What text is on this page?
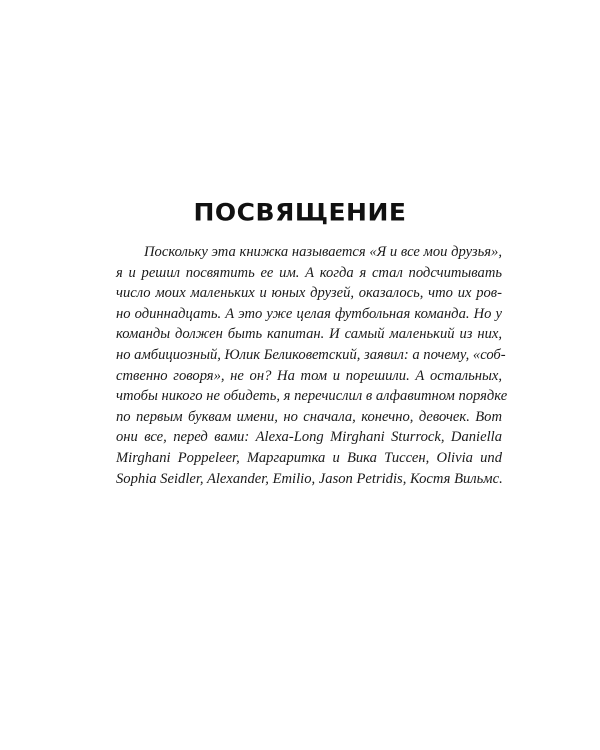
ПОСВЯЩЕНИЕ
Поскольку эта книжка называется «Я и все мои друзья»,
я и решил посвятить ее им. А когда я стал подсчитывать
число моих маленьких и юных друзей, оказалось, что их ров-
но одиннадцать. А это уже целая футбольная команда. Но у
команды должен быть капитан. И самый маленький из них,
но амбициозный, Юлик Беликоветский, заявил: а почему, «соб-
ственно говоря», не он? На том и порешили. А остальных,
чтобы никого не обидеть, я перечислил в алфавитном порядке
по первым буквам имени, но сначала, конечно, девочек. Вот
они все, перед вами: Alexa-Long Mirghani Sturrock, Daniella
Mirghani Poppeleer, Маргаритка и Вика Тиссен, Olivia und
Sophia Seidler, Alexander, Emilio, Jason Petridis, Костя Вильмс.
